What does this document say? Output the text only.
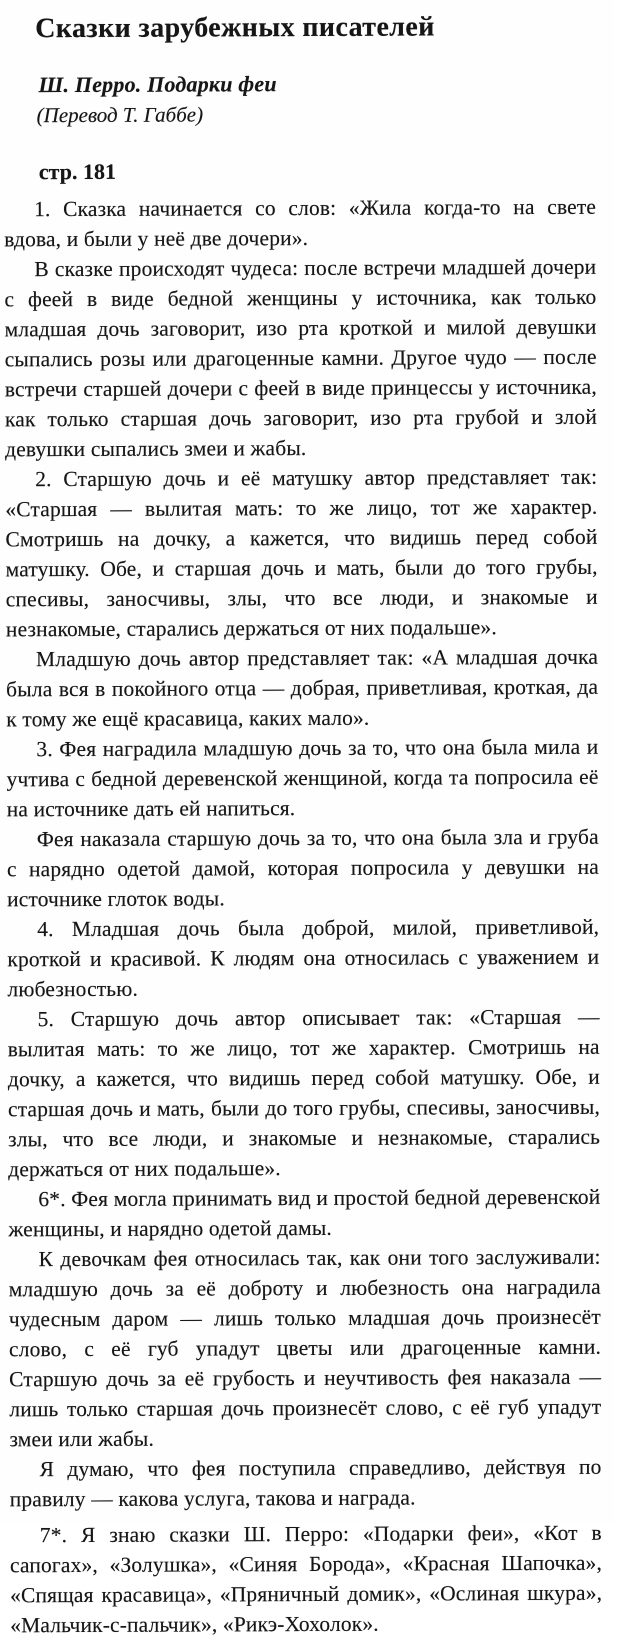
Сказки зарубежных писателей
Ш. Перро. Подарки феи
(Перевод Т. Габбе)
стр. 181

1. Сказка начинается со слов: «Жила когда-то на свете вдова, и были у неё две дочери».

В сказке происходят чудеса: после встречи младшей дочери с феей в виде бедной женщины у источника, как только младшая дочь заговорит, изо рта кроткой и милой девушки сыпались розы или драгоценные камни. Другое чудо — после встречи старшей дочери с феей в виде принцессы у источника, как только старшая дочь заговорит, изо рта грубой и злой девушки сыпались змеи и жабы.

2. Старшую дочь и её матушку автор представляет так: «Старшая — вылитая мать: то же лицо, тот же характер. Смотришь на дочку, а кажется, что видишь перед собой матушку. Обе, и старшая дочь и мать, были до того грубы, спесивы, заносчивы, злы, что все люди, и знакомые и незнакомые, старались держаться от них подальше».

Младшую дочь автор представляет так: «А младшая дочка была вся в покойного отца — добрая, приветливая, кроткая, да к тому же ещё красавица, каких мало».

3. Фея наградила младшую дочь за то, что она была мила и учтива с бедной деревенской женщиной, когда та попросила её на источнике дать ей напиться.

Фея наказала старшую дочь за то, что она была зла и груба с нарядно одетой дамой, которая попросила у девушки на источнике глоток воды.

4. Младшая дочь была доброй, милой, приветливой, кроткой и красивой. К людям она относилась с уважением и любезностью.

5. Старшую дочь автор описывает так: «Старшая — вылитая мать: то же лицо, тот же характер. Смотришь на дочку, а кажется, что видишь перед собой матушку. Обе, и старшая дочь и мать, были до того грубы, спесивы, заносчивы, злы, что все люди, и знакомые и незнакомые, старались держаться от них подальше».

6*. Фея могла принимать вид и простой бедной деревенской женщины, и нарядно одетой дамы.

К девочкам фея относилась так, как они того заслуживали: младшую дочь за её доброту и любезность она наградила чудесным даром — лишь только младшая дочь произнесёт слово, с её губ упадут цветы или драгоценные камни. Старшую дочь за её грубость и неучтивость фея наказала — лишь только старшая дочь произнесёт слово, с её губ упадут змеи или жабы.

Я думаю, что фея поступила справедливо, действуя по правилу — какова услуга, такова и награда.

7*. Я знаю сказки Ш. Перро: «Подарки феи», «Кот в сапогах», «Золушка», «Синяя Борода», «Красная Шапочка», «Спящая красавица», «Пряничный домик», «Ослиная шкура», «Мальчик-с-пальчик», «Рикэ-Хохолок».
